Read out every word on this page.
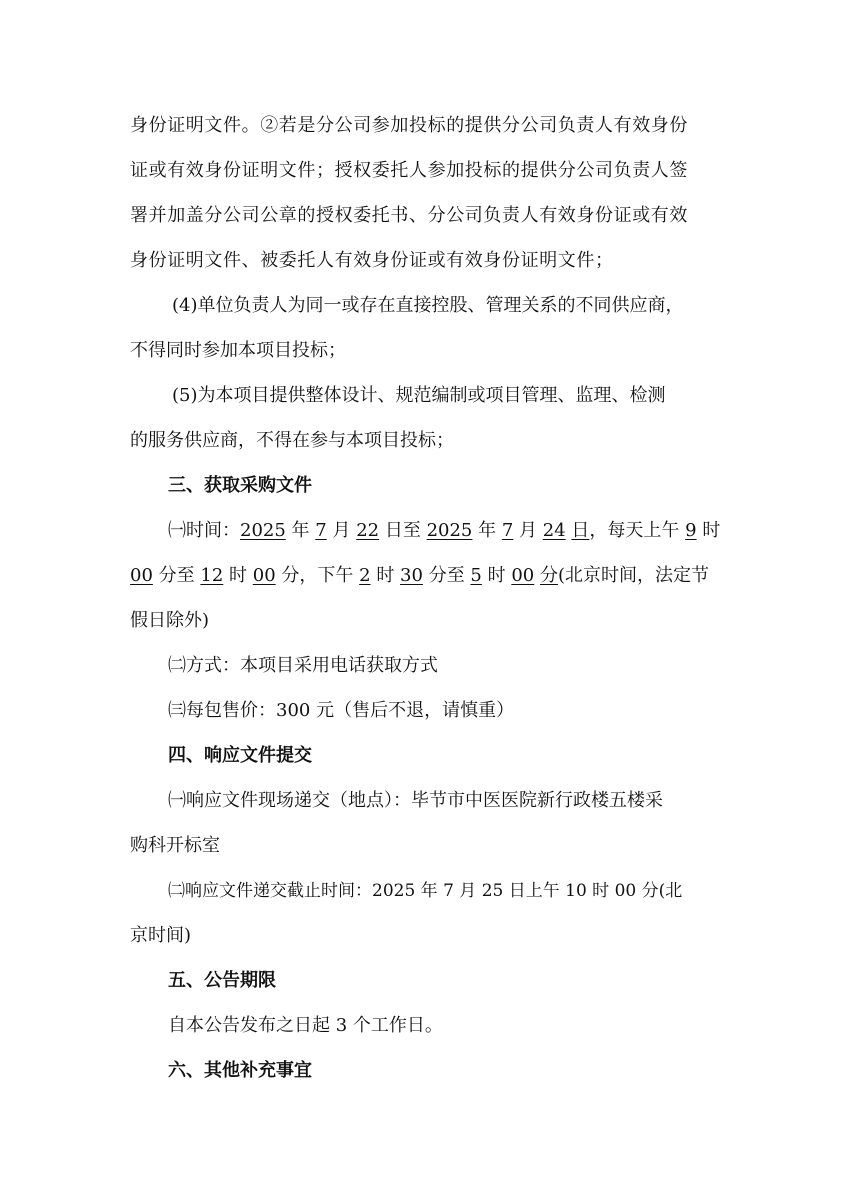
身份证明文件。②若是分公司参加投标的提供分公司负责人有效身份
证或有效身份证明文件；授权委托人参加投标的提供分公司负责人签
署并加盖分公司公章的授权委托书、分公司负责人有效身份证或有效
身份证明文件、被委托人有效身份证或有效身份证明文件；
(4)单位负责人为同一或存在直接控股、管理关系的不同供应商，
不得同时参加本项目投标；
(5)为本项目提供整体设计、规范编制或项目管理、监理、检测
的服务供应商，不得在参与本项目投标；
三、获取采购文件
㈠时间：2025 年 7 月 22 日至 2025 年 7 月 24 日，每天上午 9 时
00 分至 12 时 00 分，下午 2 时 30 分至 5 时 00 分(北京时间，法定节
假日除外)
㈡方式：本项目采用电话获取方式
㈢每包售价：300 元（售后不退，请慎重）
四、响应文件提交
㈠响应文件现场递交（地点）：毕节市中医医院新行政楼五楼采
购科开标室
㈡响应文件递交截止时间：2025 年 7 月 25 日上午 10 时 00 分(北
京时间)
五、公告期限
自本公告发布之日起 3 个工作日。
六、其他补充事宜
